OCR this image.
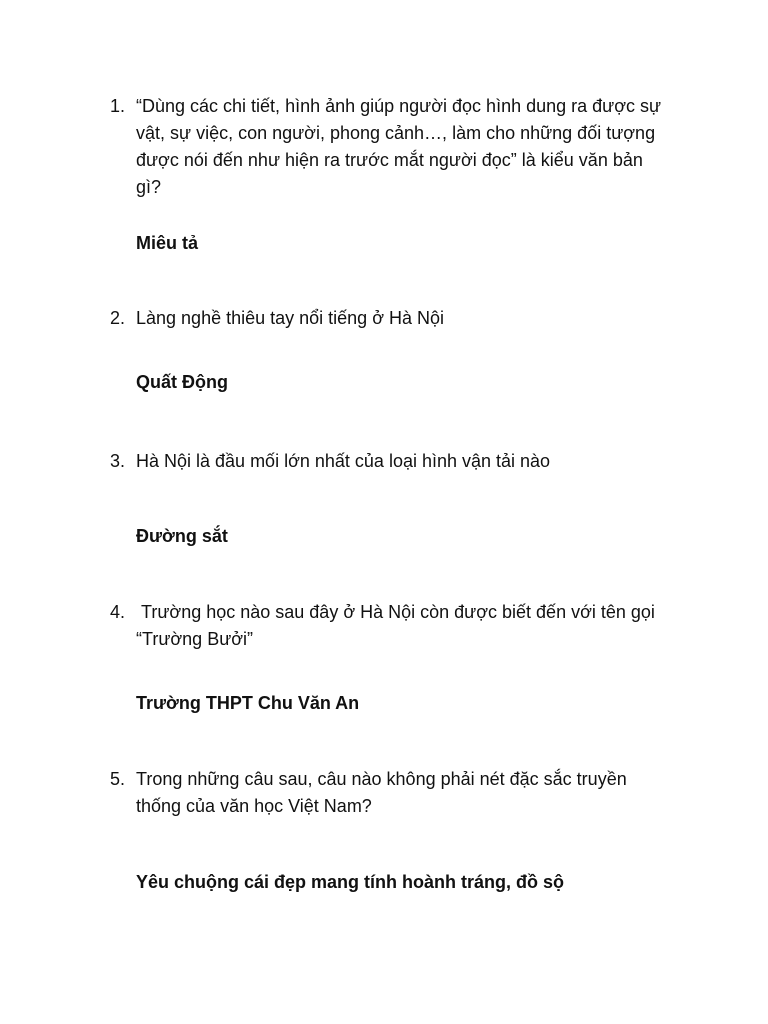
1. “Dùng các chi tiết, hình ảnh giúp người đọc hình dung ra được sự vật, sự việc, con người, phong cảnh…, làm cho những đối tượng được nói đến như hiện ra trước mắt người đọc” là kiểu văn bản gì?
Miêu tả
2. Làng nghề thiêu tay nổi tiếng ở Hà Nội
Quất Động
3. Hà Nội là đầu mối lớn nhất của loại hình vận tải nào
Đường sắt
4. Trường học nào sau đây ở Hà Nội còn được biết đến với tên gọi “Trường Bưởi”
Trường THPT Chu Văn An
5. Trong những câu sau, câu nào không phải nét đặc sắc truyền thống của văn học Việt Nam?
Yêu chuộng cái đẹp mang tính hoành tráng, đồ sộ
